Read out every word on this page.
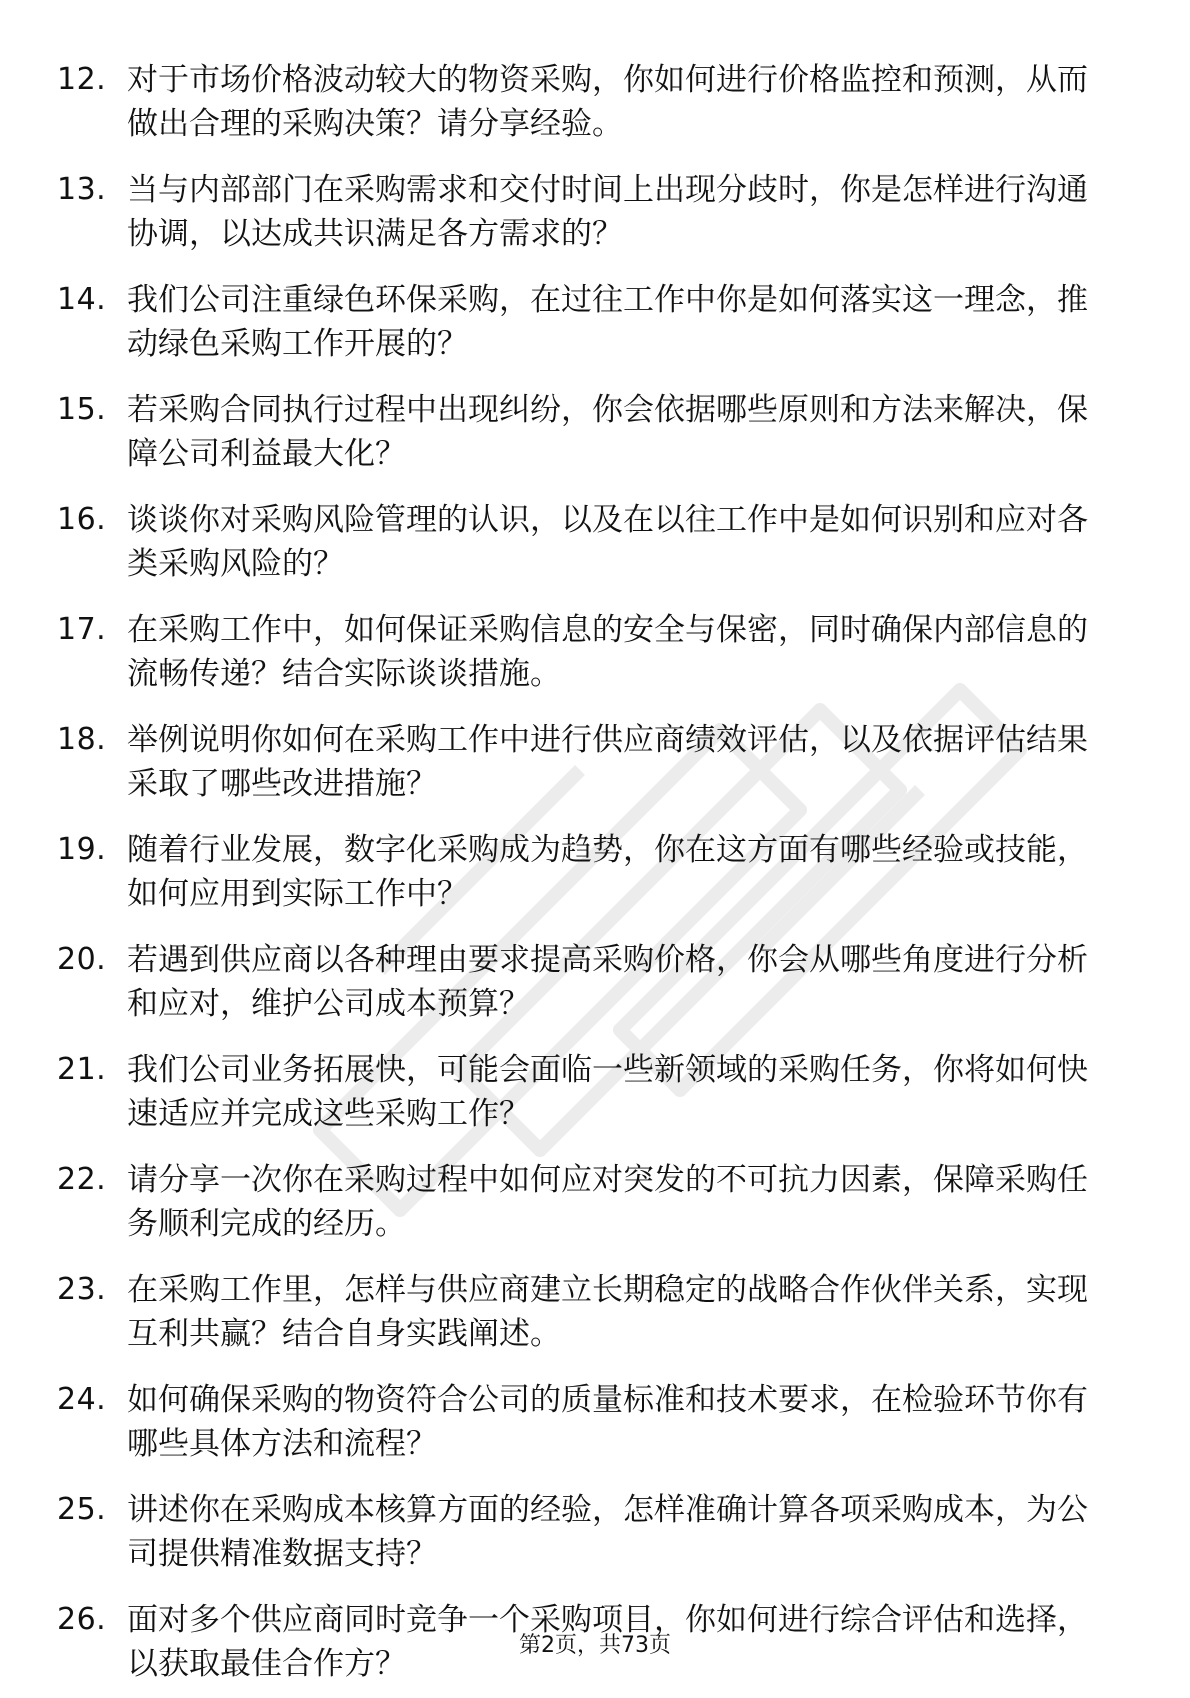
12. 对于市场价格波动较大的物资采购，你如何进行价格监控和预测，从而做出合理的采购决策？请分享经验。
13. 当与内部部门在采购需求和交付时间上出现分歧时，你是怎样进行沟通协调，以达成共识满足各方需求的？
14. 我们公司注重绿色环保采购，在过往工作中你是如何落实这一理念，推动绿色采购工作开展的？
15. 若采购合同执行过程中出现纠纷，你会依据哪些原则和方法来解决，保障公司利益最大化？
16. 谈谈你对采购风险管理的认识，以及在以往工作中是如何识别和应对各类采购风险的？
17. 在采购工作中，如何保证采购信息的安全与保密，同时确保内部信息的流畅传递？结合实际谈谈措施。
18. 举例说明你如何在采购工作中进行供应商绩效评估，以及依据评估结果采取了哪些改进措施？
19. 随着行业发展，数字化采购成为趋势，你在这方面有哪些经验或技能，如何应用到实际工作中？
20. 若遇到供应商以各种理由要求提高采购价格，你会从哪些角度进行分析和应对，维护公司成本预算？
21. 我们公司业务拓展快，可能会面临一些新领域的采购任务，你将如何快速适应并完成这些采购工作？
22. 请分享一次你在采购过程中如何应对突发的不可抗力因素，保障采购任务顺利完成的经历。
23. 在采购工作里，怎样与供应商建立长期稳定的战略合作伙伴关系，实现互利共赢？结合自身实践阐述。
24. 如何确保采购的物资符合公司的质量标准和技术要求，在检验环节你有哪些具体方法和流程？
25. 讲述你在采购成本核算方面的经验，怎样准确计算各项采购成本，为公司提供精准数据支持？
26. 面对多个供应商同时竞争一个采购项目，你如何进行综合评估和选择，以获取最佳合作方？
第2页，共73页
